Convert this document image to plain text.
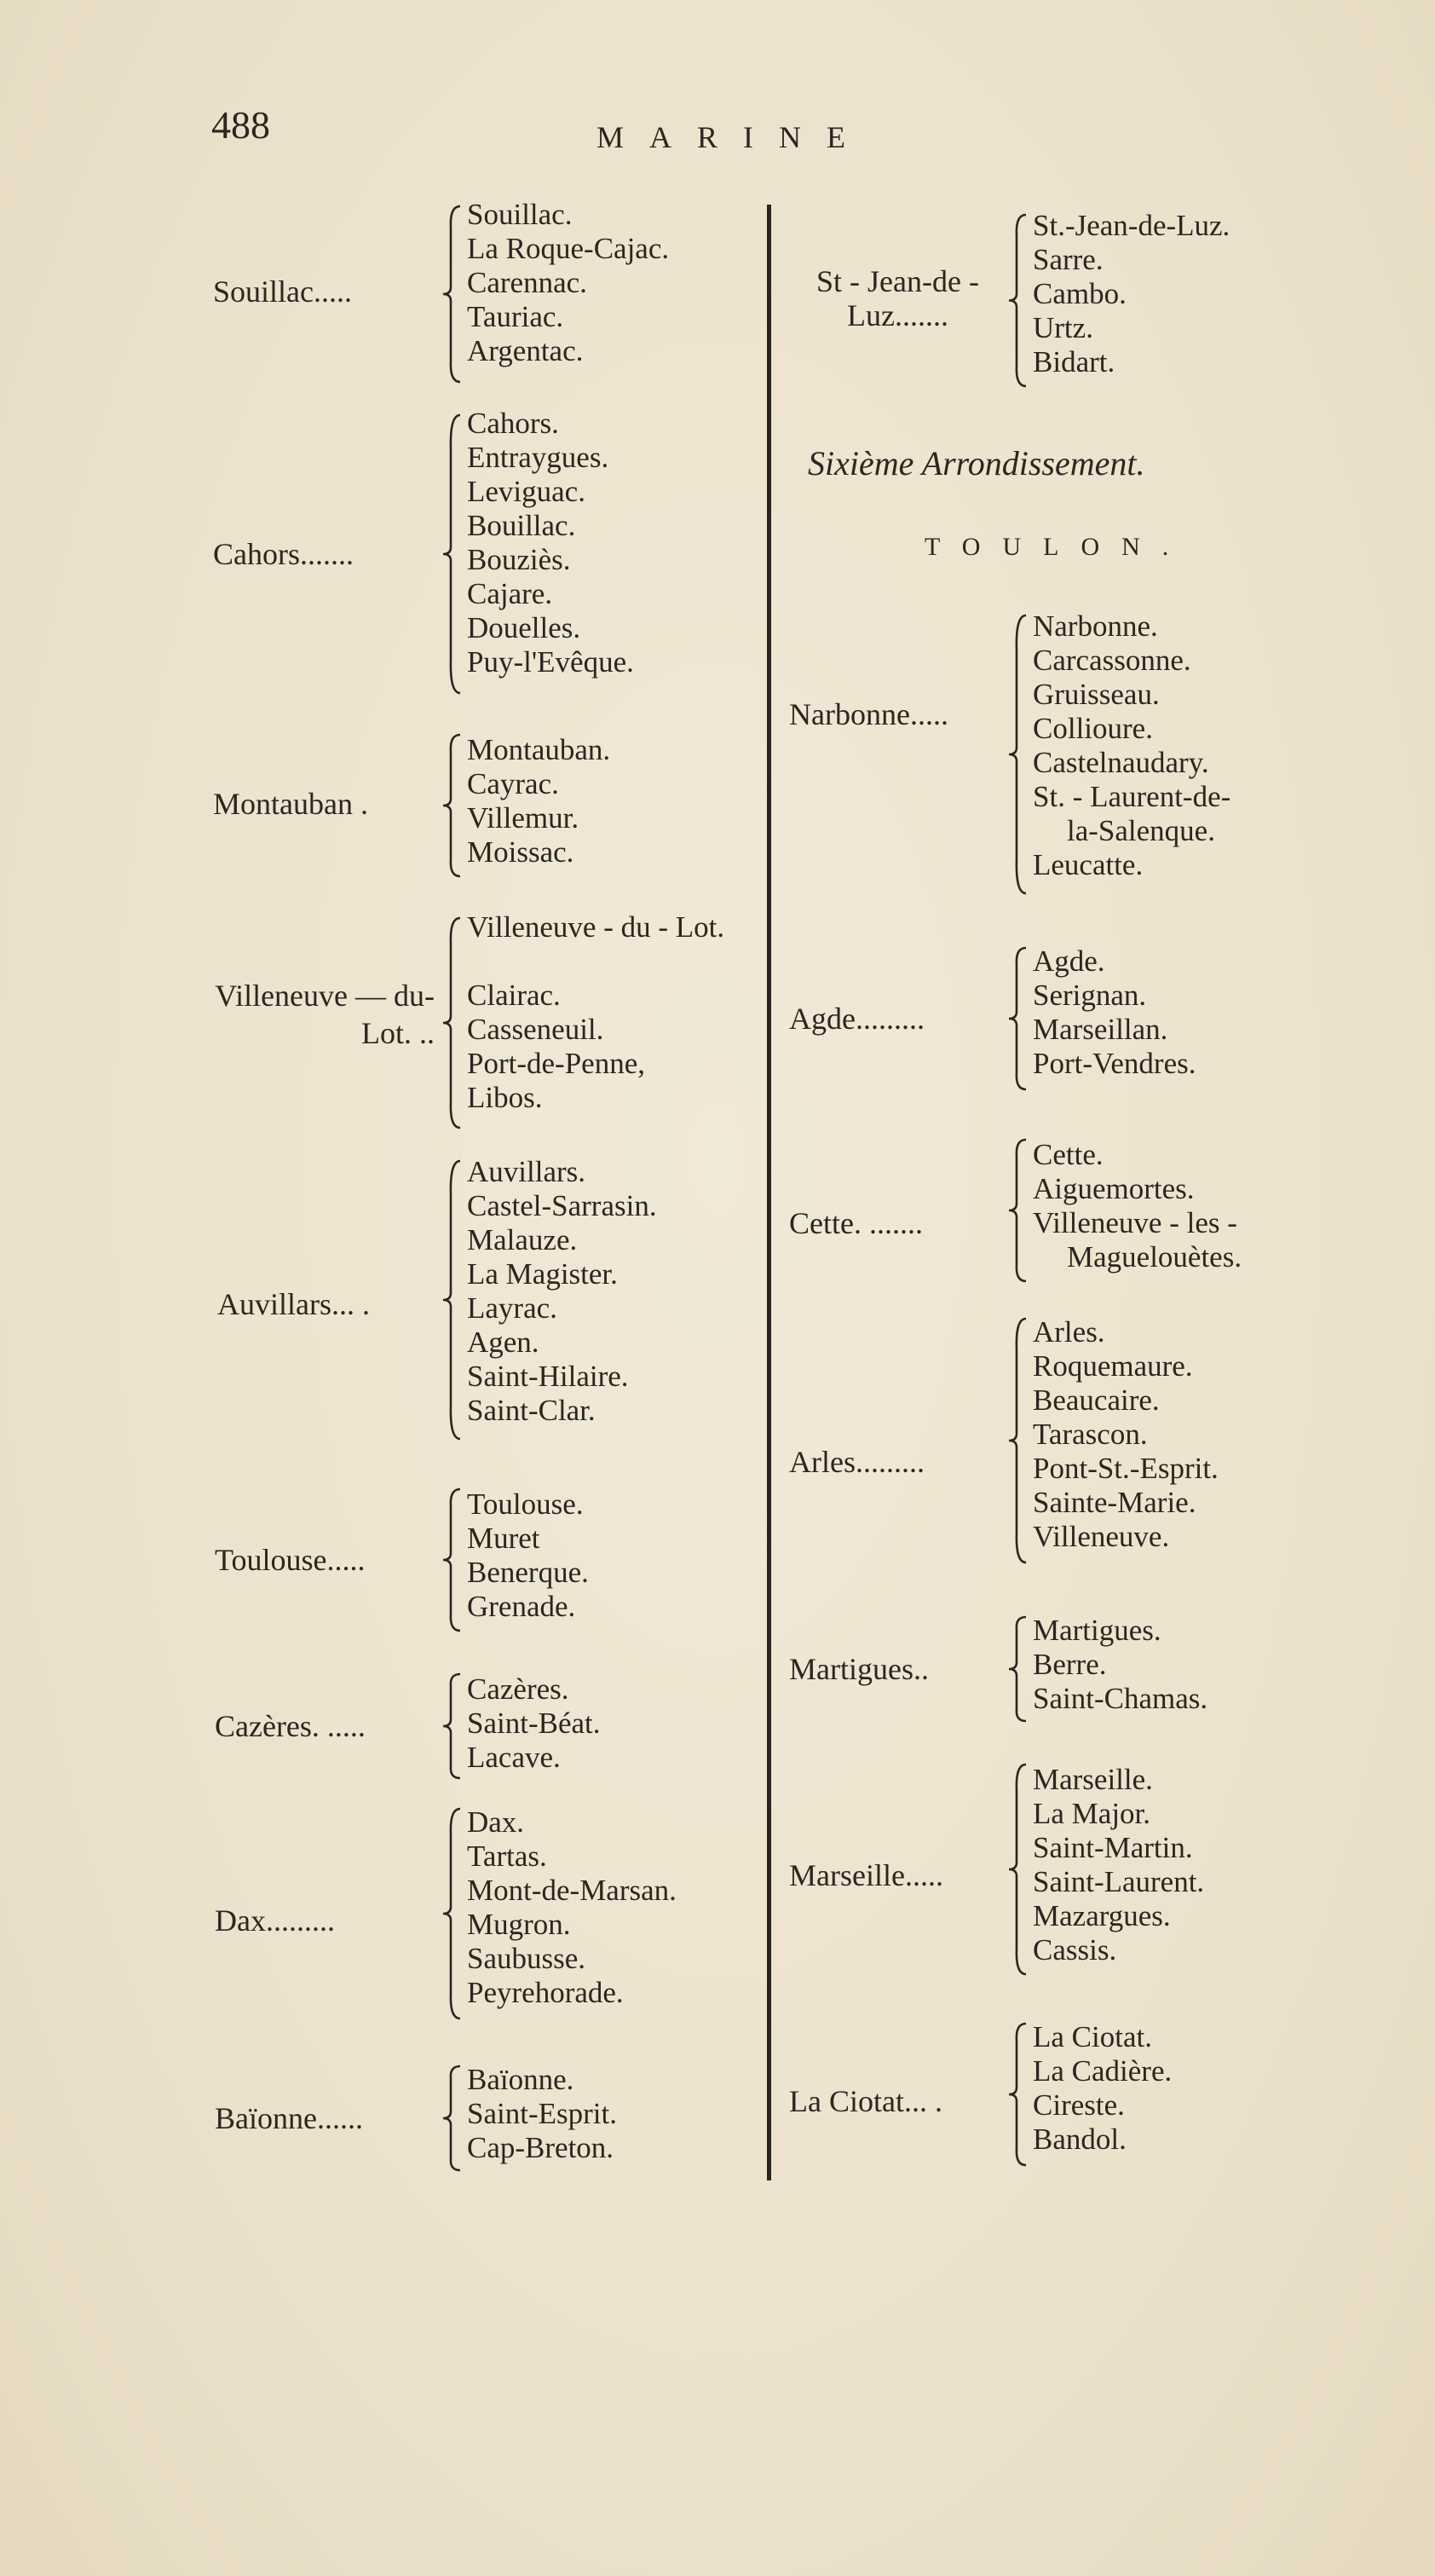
488	MARINE
Souillac.....
Souillac.
La Roque-Cajac.
Carennac.
Tauriac.
Argentac.
Cahors.......
Cahors.
Entraygues.
Leviguac.
Bouillac.
Bouziès.
Cajare.
Douelles.
Puy-l'Evêque.
Montauban .
Montauban.
Cayrac.
Villemur.
Moissac.
Villeneuve — du-Lot. ..
Villeneuve - du - Lot.
Clairac.
Casseneuil.
Port-de-Penne,
Libos.
Auvillars... .
Auvillars.
Castel-Sarrasin.
Malauze.
La Magister.
Layrac.
Agen.
Saint-Hilaire.
Saint-Clar.
Toulouse.....
Toulouse.
Muret
Benerque.
Grenade.
Cazères. .....
Cazères.
Saint-Béat.
Lacave.
Dax.........
Dax.
Tartas.
Mont-de-Marsan.
Mugron.
Saubusse.
Peyrehorade.
Baïonne......
Baïonne.
Saint-Esprit.
Cap-Breton.
St - Jean-de - Luz.......
St.-Jean-de-Luz.
Sarre.
Cambo.
Urtz.
Bidart.
Sixième Arrondissement.
TOULON.
Narbonne.....
Narbonne.
Carcassonne.
Gruisseau.
Collioure.
Castelnaudary.
St. - Laurent-de-
la-Salenque.
Leucatte.
Agde.........
Agde.
Serignan.
Marseillan.
Port-Vendres.
Cette. .......
Cette.
Aiguemortes.
Villeneuve - les -
Maguelouètes.
Arles.........
Arles.
Roquemaure.
Beaucaire.
Tarascon.
Pont-St.-Esprit.
Sainte-Marie.
Villeneuve.
Martigues..
Martigues.
Berre.
Saint-Chamas.
Marseille.....
Marseille.
La Major.
Saint-Martin.
Saint-Laurent.
Mazargues.
Cassis.
La Ciotat... .
La Ciotat.
La Cadière.
Cireste.
Bandol.
